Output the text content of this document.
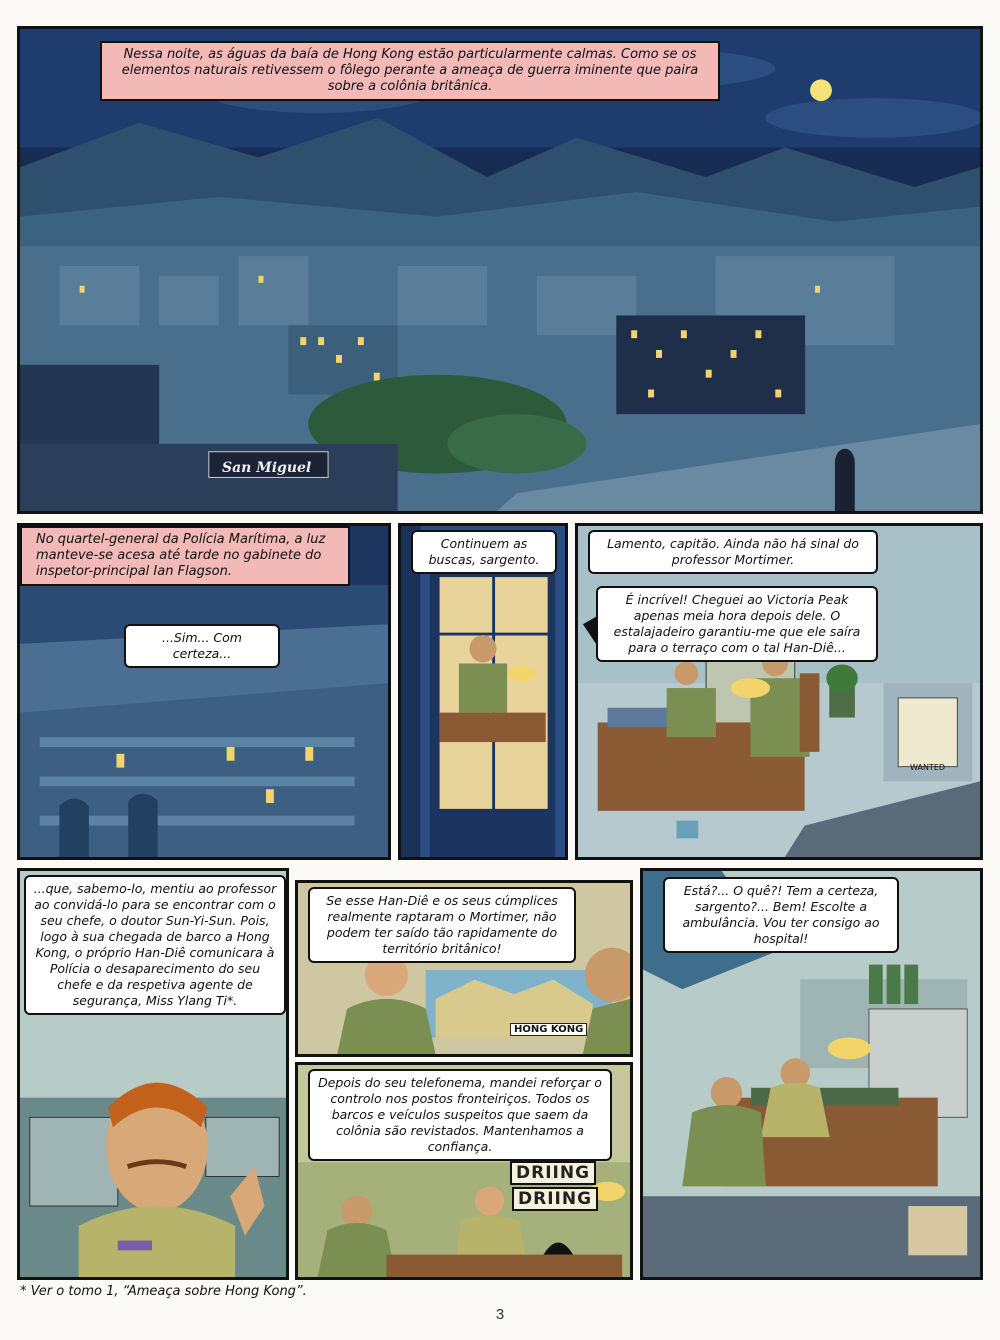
Nessa noite, as águas da baía de Hong Kong estão particularmente calmas. Como se os elementos naturais retivessem o fôlego perante a ameaça de guerra iminente que paira sobre a colônia britânica.
San Miguel
No quartel-general da Polícia Marítima, a luz manteve-se acesa até tarde no gabinete do inspetor-principal Ian Flagson.
...Sim... Com certeza...
Continuem as buscas, sargento.
Lamento, capitão. Ainda não há sinal do professor Mortimer.
É incrível! Cheguei ao Victoria Peak apenas meia hora depois dele. O estalajadeiro garantiu-me que ele saíra para o terraço com o tal Han-Diê...
WANTED
...que, sabemo-lo, mentiu ao professor ao convidá-lo para se encontrar com o seu chefe, o doutor Sun-Yi-Sun. Pois, logo à sua chegada de barco a Hong Kong, o próprio Han-Diê comunicara à Polícia o desaparecimento do seu chefe e da respetiva agente de segurança, Miss Ylang Ti*.
Se esse Han-Diê e os seus cúmplices realmente raptaram o Mortimer, não podem ter saído tão rapidamente do território britânico!
HONG KONG
Depois do seu telefonema, mandei reforçar o controlo nos postos fronteiriços. Todos os barcos e veículos suspeitos que saem da colônia são revistados. Mantenhamos a confiança.
DRIING
DRIING
Está?... O quê?! Tem a certeza, sargento?... Bem! Escolte a ambulância. Vou ter consigo ao hospital!
* Ver o tomo 1, “Ameaça sobre Hong Kong”.
3
